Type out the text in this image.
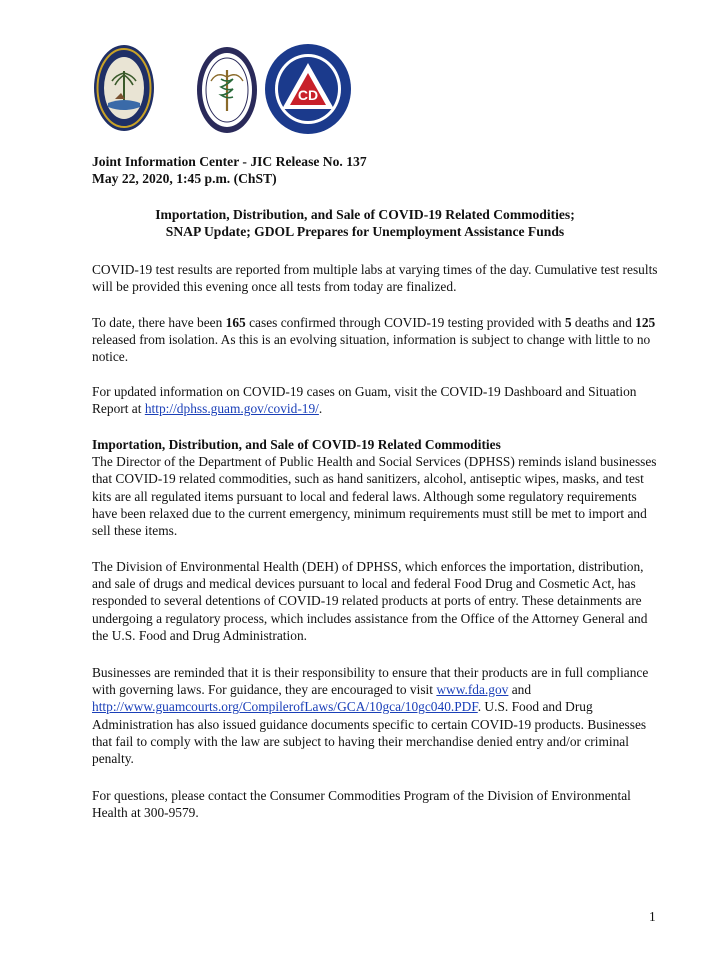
CD
Joint Information Center - JIC Release No. 137
May 22, 2020, 1:45 p.m. (ChST)
Importation, Distribution, and Sale of COVID-19 Related Commodities;
SNAP Update; GDOL Prepares for Unemployment Assistance Funds

COVID-19 test results are reported from multiple labs at varying times of the day. Cumulative test results will be provided this evening once all tests from today are finalized.

To date, there have been 165 cases confirmed through COVID-19 testing provided with 5 deaths and 125 released from isolation. As this is an evolving situation, information is subject to change with little to no notice.

For updated information on COVID-19 cases on Guam, visit the COVID-19 Dashboard and Situation Report at http://dphss.guam.gov/covid-19/.

Importation, Distribution, and Sale of COVID-19 Related Commodities
The Director of the Department of Public Health and Social Services (DPHSS) reminds island businesses that COVID-19 related commodities, such as hand sanitizers, alcohol, antiseptic wipes, masks, and test kits are all regulated items pursuant to local and federal laws. Although some regulatory requirements have been relaxed due to the current emergency, minimum requirements must still be met to import and sell these items.

The Division of Environmental Health (DEH) of DPHSS, which enforces the importation, distribution, and sale of drugs and medical devices pursuant to local and federal Food Drug and Cosmetic Act, has responded to several detentions of COVID-19 related products at ports of entry. These detainments are undergoing a regulatory process, which includes assistance from the Office of the Attorney General and the U.S. Food and Drug Administration.

Businesses are reminded that it is their responsibility to ensure that their products are in full compliance with governing laws. For guidance, they are encouraged to visit www.fda.gov and http://www.guamcourts.org/CompilerofLaws/GCA/10gca/10gc040.PDF. U.S. Food and Drug Administration has also issued guidance documents specific to certain COVID-19 products. Businesses that fail to comply with the law are subject to having their merchandise denied entry and/or criminal penalty.

For questions, please contact the Consumer Commodities Program of the Division of Environmental Health at 300-9579.

1
